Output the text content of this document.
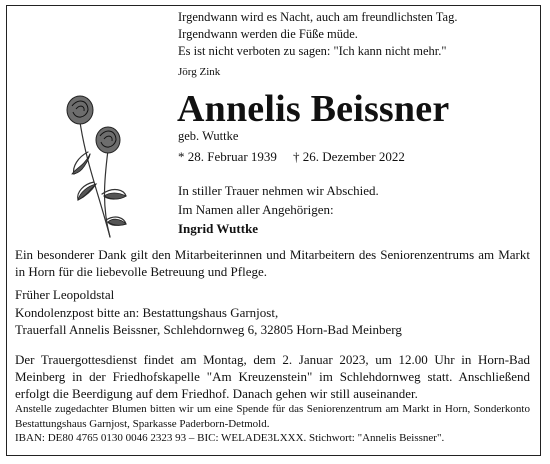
Irgendwann wird es Nacht, auch am freundlichsten Tag.
Irgendwann werden die Füße müde.
Es ist nicht verboten zu sagen: "Ich kann nicht mehr."
Jörg Zink
Annelis Beissner
geb. Wuttke
* 28. Februar 1939 † 26. Dezember 2022
In stiller Trauer nehmen wir Abschied.
Im Namen aller Angehörigen:
Ingrid Wuttke
Ein besonderer Dank gilt den Mitarbeiterinnen und Mitarbeitern des Seniorenzentrums am Markt in Horn für die liebevolle Betreuung und Pflege.
Früher Leopoldstal
Kondolenzpost bitte an: Bestattungshaus Garnjost,
Trauerfall Annelis Beissner, Schlehdornweg 6, 32805 Horn-Bad Meinberg
Der Trauergottesdienst findet am Montag, dem 2. Januar 2023, um 12.00 Uhr in Horn-Bad Meinberg in der Friedhofskapelle "Am Kreuzenstein" im Schlehdornweg statt. Anschließend erfolgt die Beerdigung auf dem Friedhof. Danach gehen wir still auseinander.
Anstelle zugedachter Blumen bitten wir um eine Spende für das Seniorenzentrum am Markt in Horn, Sonderkonto Bestattungshaus Garnjost, Sparkasse Paderborn-Detmold.
IBAN: DE80 4765 0130 0046 2323 93 – BIC: WELADE3LXXX. Stichwort: "Annelis Beissner".
